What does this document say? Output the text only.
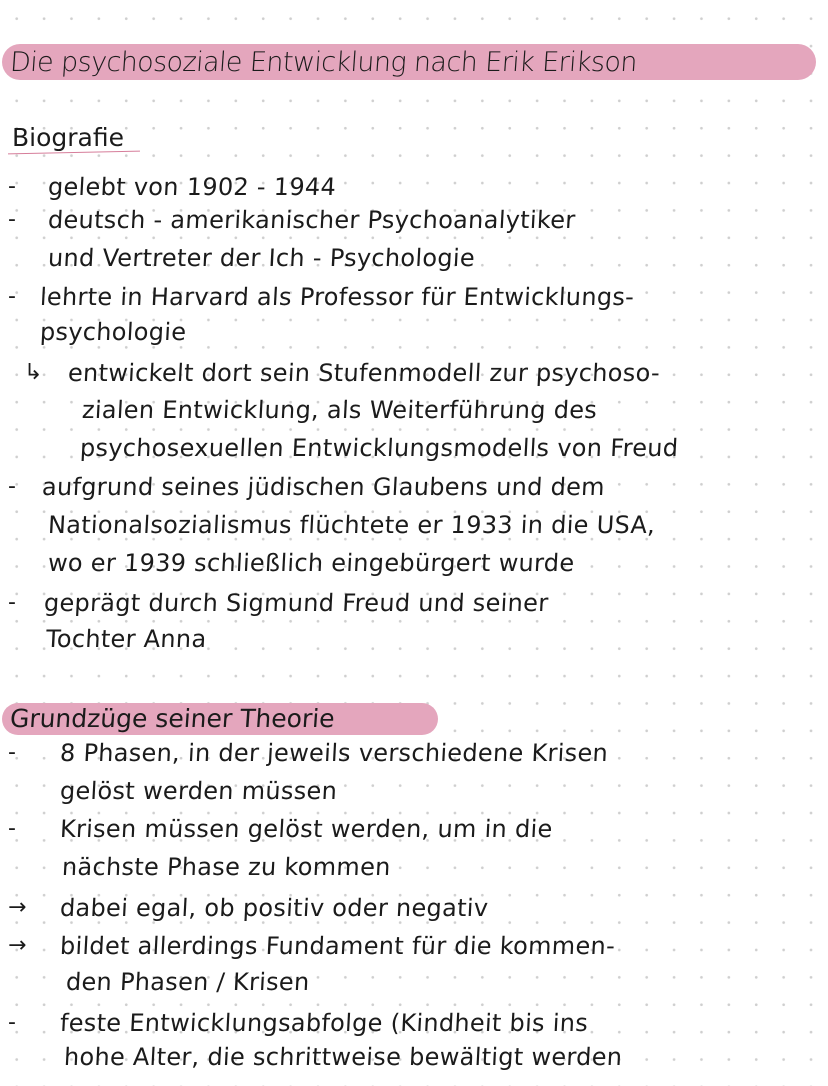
Die psychosoziale Entwicklung nach Erik Erikson
Biografie
- gelebt von 1902 - 1944
- deutsch - amerikanischer Psychoanalytiker
und Vertreter der Ich - Psychologie
- lehrte in Harvard als Professor für Entwicklungs-
psychologie
↳ entwickelt dort sein Stufenmodell zur psychoso-
zialen Entwicklung, als Weiterführung des
psychosexuellen Entwicklungsmodells von Freud
- aufgrund seines jüdischen Glaubens und dem
Nationalsozialismus flüchtete er 1933 in die USA,
wo er 1939 schließlich eingebürgert wurde
- geprägt durch Sigmund Freud und seiner
Tochter Anna
Grundzüge seiner Theorie
- 8 Phasen, in der jeweils verschiedene Krisen
gelöst werden müssen
- Krisen müssen gelöst werden, um in die
nächste Phase zu kommen
→ dabei egal, ob positiv oder negativ
→ bildet allerdings Fundament für die kommen-
den Phasen / Krisen
- feste Entwicklungsabfolge (Kindheit bis ins
hohe Alter, die schrittweise bewältigt werden
